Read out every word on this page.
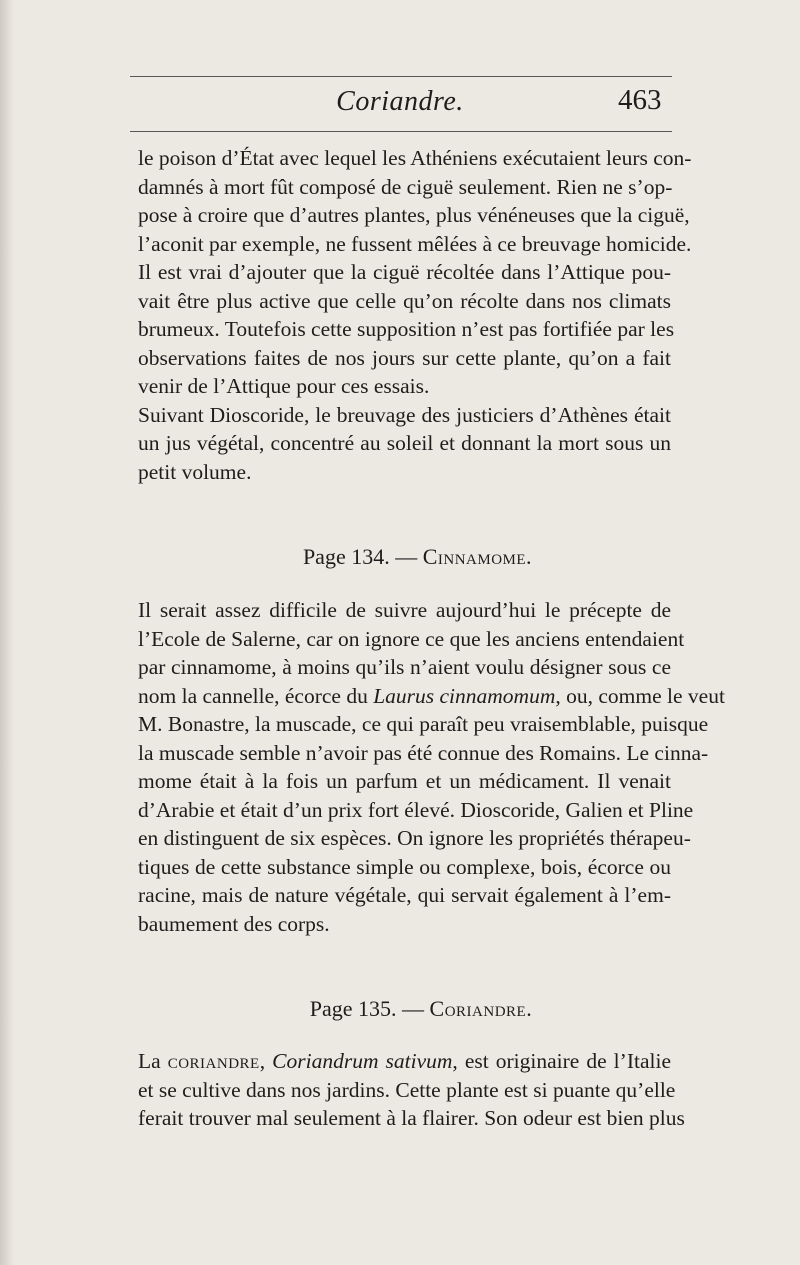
Coriandre.	463
le poison d’État avec lequel les Athéniens exécutaient leurs con-
damnés à mort fût composé de ciguë seulement. Rien ne s’op-
pose à croire que d’autres plantes, plus vénéneuses que la ciguë,
l’aconit par exemple, ne fussent mêlées à ce breuvage homicide.
Il est vrai d’ajouter que la ciguë récoltée dans l’Attique pou-
vait être plus active que celle qu’on récolte dans nos climats
brumeux. Toutefois cette supposition n’est pas fortifiée par les
observations faites de nos jours sur cette plante, qu’on a fait
venir de l’Attique pour ces essais.
Suivant Dioscoride, le breuvage des justiciers d’Athènes était
un jus végétal, concentré au soleil et donnant la mort sous un
petit volume.
Page 134. — Cinnamome.
Il serait assez difficile de suivre aujourd’hui le précepte de
l’Ecole de Salerne, car on ignore ce que les anciens entendaient
par cinnamome, à moins qu’ils n’aient voulu désigner sous ce
nom la cannelle, écorce du Laurus cinnamomum, ou, comme le veut
M. Bonastre, la muscade, ce qui paraît peu vraisemblable, puisque
la muscade semble n’avoir pas été connue des Romains. Le cinna-
mome était à la fois un parfum et un médicament. Il venait
d’Arabie et était d’un prix fort élevé. Dioscoride, Galien et Pline
en distinguent de six espèces. On ignore les propriétés thérapeu-
tiques de cette substance simple ou complexe, bois, écorce ou
racine, mais de nature végétale, qui servait également à l’em-
baumement des corps.
Page 135. — Coriandre.
La coriandre, Coriandrum sativum, est originaire de l’Italie
et se cultive dans nos jardins. Cette plante est si puante qu’elle
ferait trouver mal seulement à la flairer. Son odeur est bien plus
